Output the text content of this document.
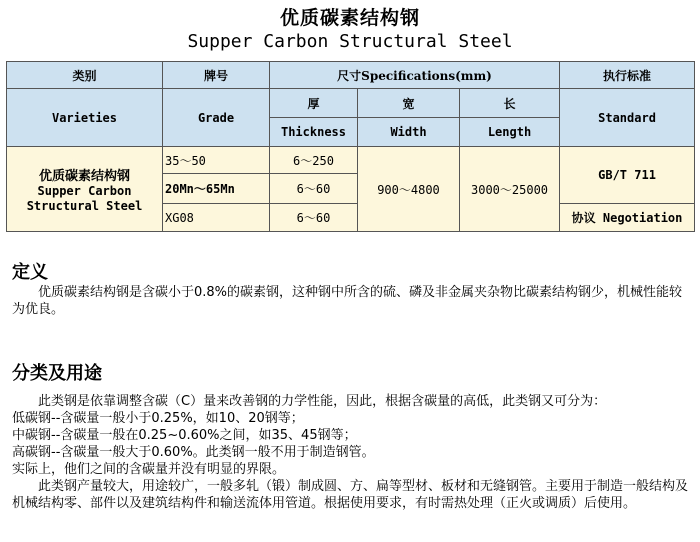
优质碳素结构钢
Supper Carbon Structural Steel
类别	牌号	尺寸Specifications(mm)			执行标准
Varieties	Grade	厚	宽	长	Standard
		Thickness	Width	Length	

优质碳素结构钢
Supper Carbon
Structural Steel	35～50	6～250	900～4800	3000～25000	GB/T 711
	20Mn～65Mn	6～60			
	XG08	6～60			协议 Negotiation
定义

优质碳素结构钢是含碳小于0.8%的碳素钢，这种钢中所含的硫、磷及非金属夹杂物比碳素结构钢少，机械性能较为优良。

分类及用途

此类钢是依靠调整含碳（C）量来改善钢的力学性能，因此，根据含碳量的高低，此类钢又可分为：

低碳钢--含碳量一般小于0.25%，如10、20钢等；

中碳钢--含碳量一般在0.25~0.60%之间，如35、45钢等；

高碳钢--含碳量一般大于0.60%。此类钢一般不用于制造钢管。

实际上，他们之间的含碳量并没有明显的界限。

此类钢产量较大，用途较广，一般多轧（锻）制成圆、方、扁等型材、板材和无缝钢管。主要用于制造一般结构及机械结构零、部件以及建筑结构件和输送流体用管道。根据使用要求，有时需热处理（正火或调质）后使用。
